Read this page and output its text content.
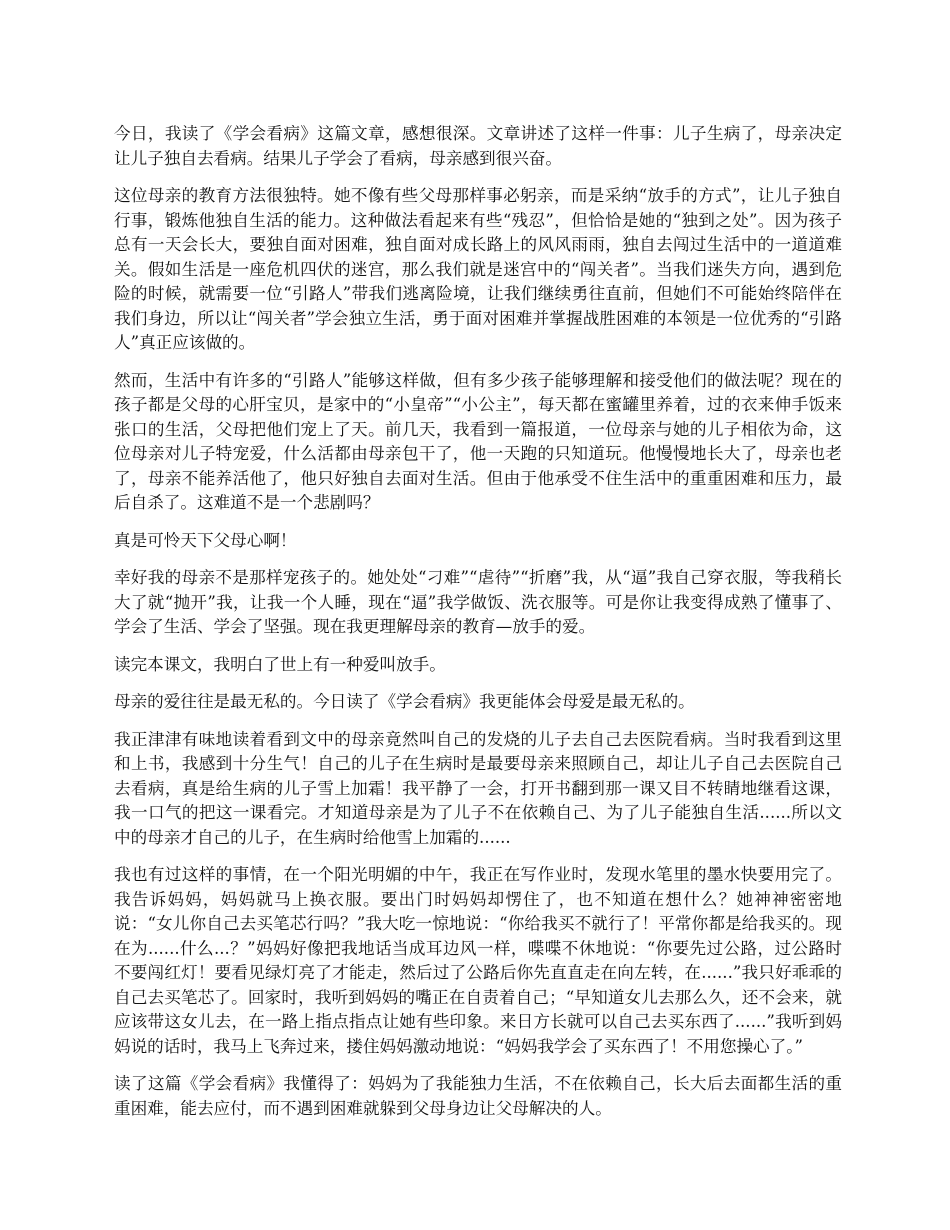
今日，我读了《学会看病》这篇文章，感想很深。文章讲述了这样一件事：儿子生病了，母亲决定让儿子独自去看病。结果儿子学会了看病，母亲感到很兴奋。

这位母亲的教育方法很独特。她不像有些父母那样事必躬亲，而是采纳“放手的方式”，让儿子独自行事，锻炼他独自生活的能力。这种做法看起来有些“残忍”，但恰恰是她的“独到之处”。因为孩子总有一天会长大，要独自面对困难，独自面对成长路上的风风雨雨，独自去闯过生活中的一道道难关。假如生活是一座危机四伏的迷宫，那么我们就是迷宫中的“闯关者”。当我们迷失方向，遇到危险的时候，就需要一位“引路人”带我们逃离险境，让我们继续勇往直前，但她们不可能始终陪伴在我们身边，所以让“闯关者”学会独立生活，勇于面对困难并掌握战胜困难的本领是一位优秀的“引路人”真正应该做的。

然而，生活中有许多的“引路人”能够这样做，但有多少孩子能够理解和接受他们的做法呢？现在的孩子都是父母的心肝宝贝，是家中的“小皇帝”“小公主”，每天都在蜜罐里养着，过的衣来伸手饭来张口的生活，父母把他们宠上了天。前几天，我看到一篇报道，一位母亲与她的儿子相依为命，这位母亲对儿子特宠爱，什么活都由母亲包干了，他一天跑的只知道玩。他慢慢地长大了，母亲也老了，母亲不能养活他了，他只好独自去面对生活。但由于他承受不住生活中的重重困难和压力，最后自杀了。这难道不是一个悲剧吗？

真是可怜天下父母心啊！

幸好我的母亲不是那样宠孩子的。她处处“刁难”“虐待”“折磨”我，从“逼”我自己穿衣服，等我稍长大了就“抛开”我，让我一个人睡，现在“逼”我学做饭、洗衣服等。可是你让我变得成熟了懂事了、学会了生活、学会了坚强。现在我更理解母亲的教育—放手的爱。

读完本课文，我明白了世上有一种爱叫放手。

母亲的爱往往是最无私的。今日读了《学会看病》我更能体会母爱是最无私的。

我正津津有味地读着看到文中的母亲竟然叫自己的发烧的儿子去自己去医院看病。当时我看到这里和上书，我感到十分生气！自己的儿子在生病时是最要母亲来照顾自己，却让儿子自己去医院自己去看病，真是给生病的儿子雪上加霜！我平静了一会，打开书翻到那一课又目不转睛地继看这课，我一口气的把这一课看完。才知道母亲是为了儿子不在依赖自己、为了儿子能独自生活......所以文中的母亲才自己的儿子，在生病时给他雪上加霜的......

我也有过这样的事情，在一个阳光明媚的中午，我正在写作业时，发现水笔里的墨水快要用完了。我告诉妈妈，妈妈就马上换衣服。要出门时妈妈却愣住了，也不知道在想什么？她神神密密地说：“女儿你自己去买笔芯行吗？”我大吃一惊地说：“你给我买不就行了！平常你都是给我买的。现在为......什么...？”妈妈好像把我地话当成耳边风一样，喋喋不休地说：“你要先过公路，过公路时不要闯红灯！要看见绿灯亮了才能走，然后过了公路后你先直直走在向左转，在......”我只好乖乖的自己去买笔芯了。回家时，我听到妈妈的嘴正在自责着自己；“早知道女儿去那么久，还不会来，就应该带这女儿去，在一路上指点指点让她有些印象。来日方长就可以自己去买东西了......”我听到妈妈说的话时，我马上飞奔过来，搂住妈妈激动地说：“妈妈我学会了买东西了！不用您操心了。”

读了这篇《学会看病》我懂得了：妈妈为了我能独力生活，不在依赖自己，长大后去面都生活的重重困难，能去应付，而不遇到困难就躲到父母身边让父母解决的人。
